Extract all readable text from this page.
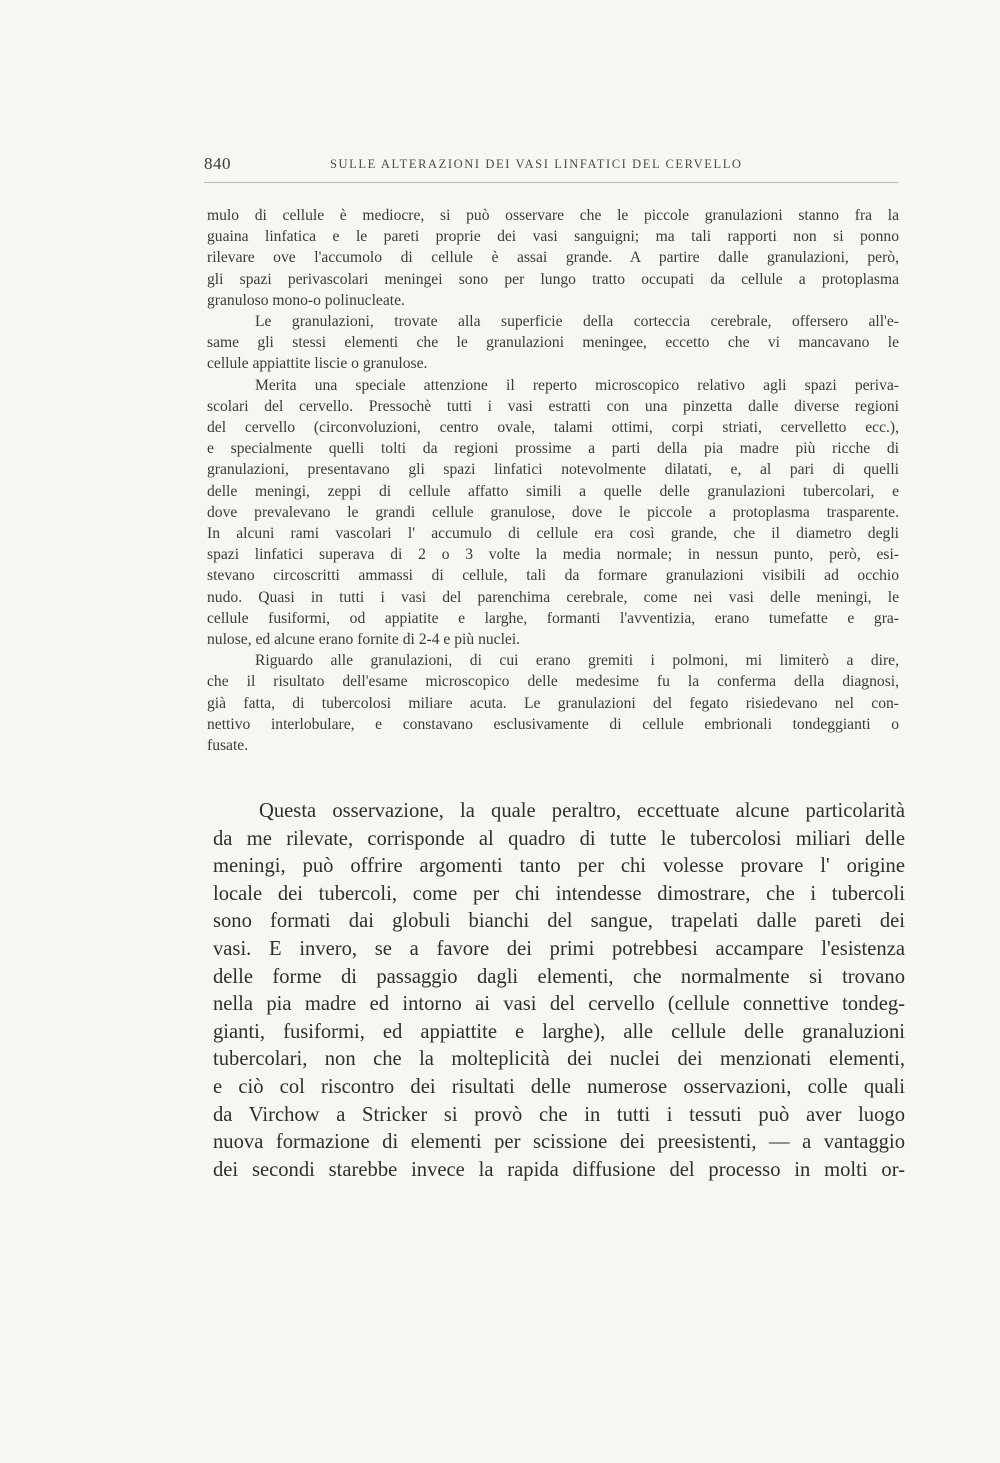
840	SULLE ALTERAZIONI DEI VASI LINFATICI DEL CERVELLO

mulo di cellule è mediocre, si può osservare che le piccole granulazioni stanno fra la
guaina linfatica e le pareti proprie dei vasi sanguigni; ma tali rapporti non si ponno
rilevare ove l'accumolo di cellule è assai grande. A partire dalle granulazioni, però,
gli spazi perivascolari meningei sono per lungo tratto occupati da cellule a protoplasma

granuloso mono-o polinucleate.

Le granulazioni, trovate alla superficie della corteccia cerebrale, offersero all'e-

same gli stessi elementi che le granulazioni meningee, eccetto che vi mancavano le

cellule appiattite liscie o granulose.

Merita una speciale attenzione il reperto microscopico relativo agli spazi periva-

scolari del cervello. Pressochè tutti i vasi estratti con una pinzetta dalle diverse regioni
del cervello (circonvoluzioni, centro ovale, talami ottimi, corpi striati, cervelletto ecc.),
e specialmente quelli tolti da regioni prossime a parti della pia madre più ricche di
granulazioni, presentavano gli spazi linfatici notevolmente dilatati, e, al pari di quelli
delle meningi, zeppi di cellule affatto simili a quelle delle granulazioni tubercolari, e
dove prevalevano le grandi cellule granulose, dove le piccole a protoplasma trasparente.
In alcuni rami vascolari l' accumulo di cellule era così grande, che il diametro degli
spazi linfatici superava di 2 o 3 volte la media normale; in nessun punto, però, esi-
stevano circoscritti ammassi di cellule, tali da formare granulazioni visibili ad occhio
nudo. Quasi in tutti i vasi del parenchima cerebrale, come nei vasi delle meningi, le
cellule fusiformi, od appiatite e larghe, formanti l'avventizia, erano tumefatte e gra-

nulose, ed alcune erano fornite di 2-4 e più nuclei.

Riguardo alle granulazioni, di cui erano gremiti i polmoni, mi limiterò a dire,

che il risultato dell'esame microscopico delle medesime fu la conferma della diagnosi,
già fatta, di tubercolosi miliare acuta. Le granulazioni del fegato risiedevano nel con-
nettivo interlobulare, e constavano esclusivamente di cellule embrionali tondeggianti o

fusate.

Questa osservazione, la quale peraltro, eccettuate alcune particolarità

da me rilevate, corrisponde al quadro di tutte le tubercolosi miliari delle
meningi, può offrire argomenti tanto per chi volesse provare l' origine
locale dei tubercoli, come per chi intendesse dimostrare, che i tubercoli
sono formati dai globuli bianchi del sangue, trapelati dalle pareti dei
vasi. E invero, se a favore dei primi potrebbesi accampare l'esistenza
delle forme di passaggio dagli elementi, che normalmente si trovano
nella pia madre ed intorno ai vasi del cervello (cellule connettive tondeg-
gianti, fusiformi, ed appiattite e larghe), alle cellule delle granaluzioni
tubercolari, non che la molteplicità dei nuclei dei menzionati elementi,
e ciò col riscontro dei risultati delle numerose osservazioni, colle quali
da Virchow a Stricker si provò che in tutti i tessuti può aver luogo
nuova formazione di elementi per scissione dei preesistenti, — a vantaggio
dei secondi starebbe invece la rapida diffusione del processo in molti or-
